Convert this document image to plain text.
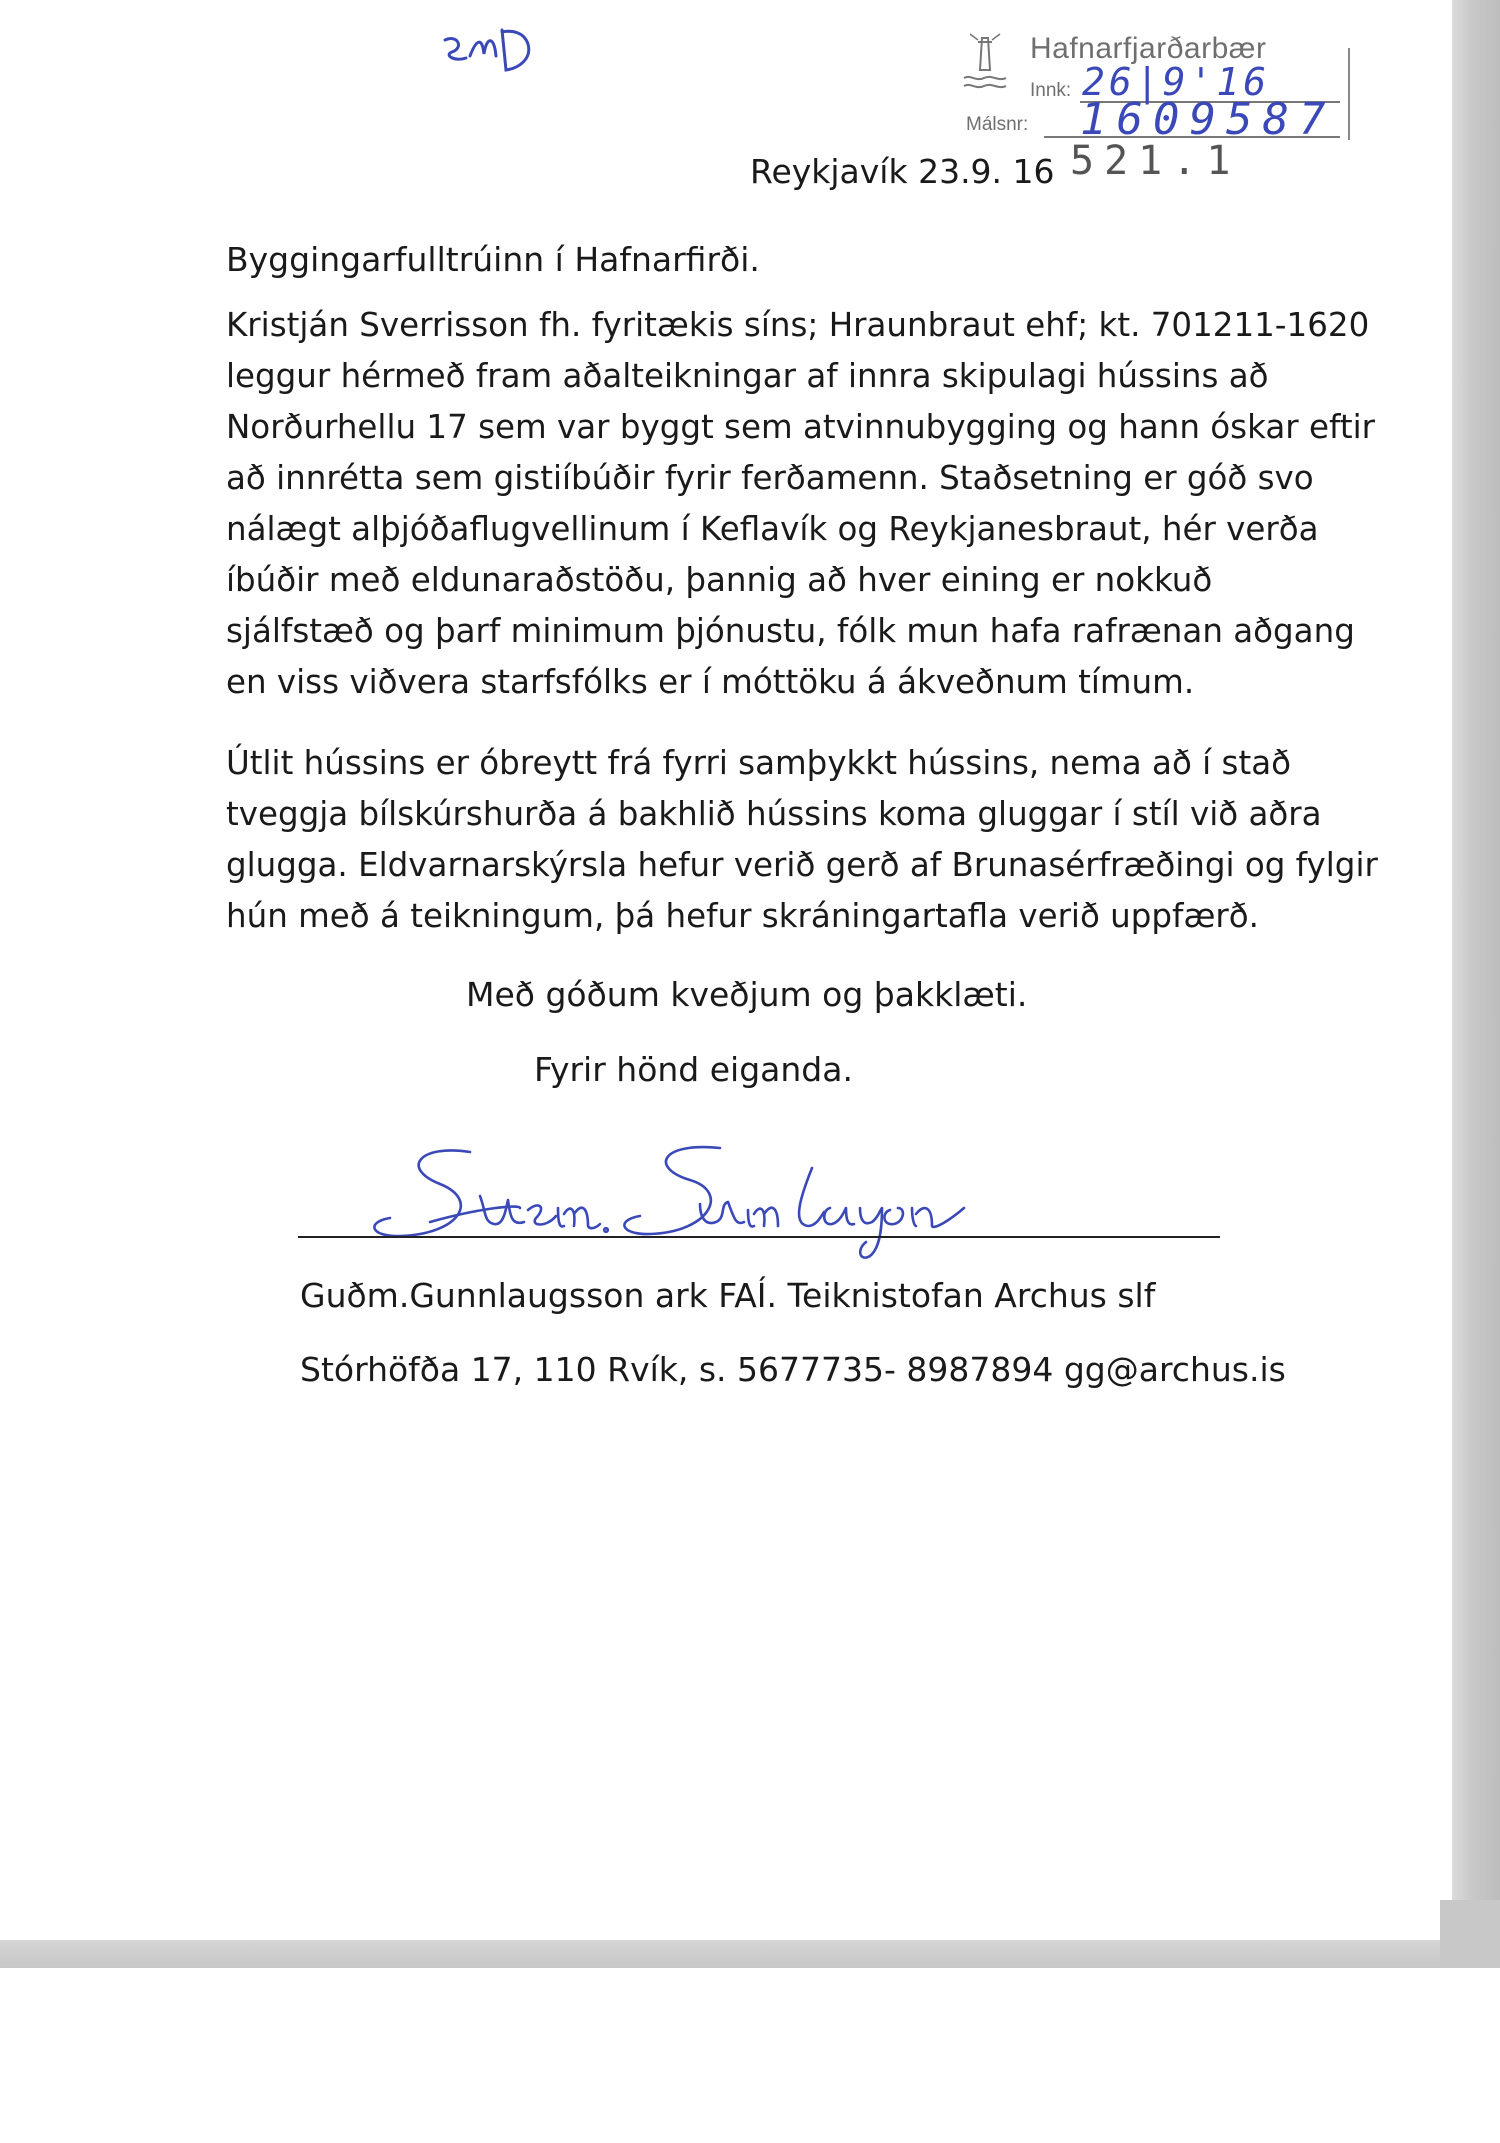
Hafnarfjarðarbær
Innk: 26|9'16
Málsnr: 1609587
Reykjavík 23.9. 16 521.1
Byggingarfulltrúinn í Hafnarfirði.
Kristján Sverrisson fh. fyritækis síns; Hraunbraut ehf; kt. 701211-1620
leggur hérmeð fram aðalteikningar af innra skipulagi hússins að
Norðurhellu 17 sem var byggt sem atvinnubygging og hann óskar eftir
að innrétta sem gistiíbúðir fyrir ferðamenn. Staðsetning er góð svo
nálægt alþjóðaflugvellinum í Keflavík og Reykjanesbraut, hér verða
íbúðir með eldunaraðstöðu, þannig að hver eining er nokkuð
sjálfstæð og þarf minimum þjónustu, fólk mun hafa rafrænan aðgang
en viss viðvera starfsfólks er í móttöku á ákveðnum tímum.
Útlit hússins er óbreytt frá fyrri samþykkt hússins, nema að í stað
tveggja bílskúrshurða á bakhlið hússins koma gluggar í stíl við aðra
glugga. Eldvarnarskýrsla hefur verið gerð af Brunasérfræðingi og fylgir
hún með á teikningum, þá hefur skráningartafla verið uppfærð.
Með góðum kveðjum og þakklæti.
Fyrir hönd eiganda.
Guðm.Gunnlaugsson ark FAÍ. Teiknistofan Archus slf
Stórhöfða 17, 110 Rvík, s. 5677735- 8987894 gg@archus.is
